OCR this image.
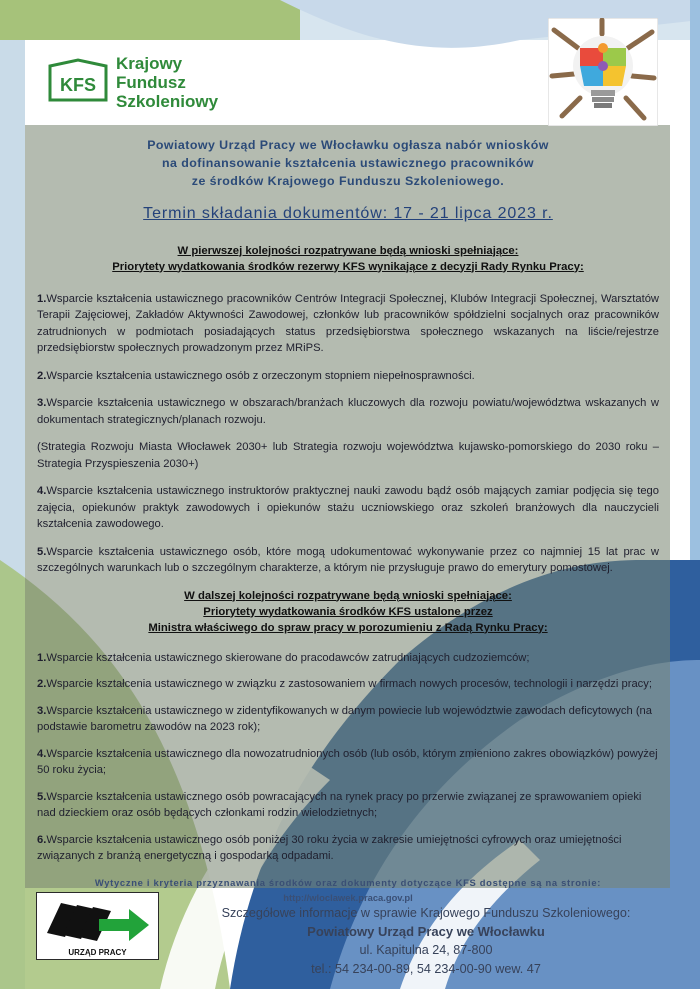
KFS
Krajowy
Fundusz
Szkoleniowy
Powiatowy Urząd Pracy we Włocławku ogłasza nabór wniosków
na dofinansowanie kształcenia ustawicznego pracowników
ze środków Krajowego Funduszu Szkoleniowego.
Termin składania dokumentów: 17 - 21 lipca 2023 r.
W pierwszej kolejności rozpatrywane będą wnioski spełniające:
Priorytety wydatkowania środków rezerwy KFS wynikające z decyzji Rady Rynku Pracy:

1.Wsparcie kształcenia ustawicznego pracowników Centrów Integracji Społecznej, Klubów Integracji Społecznej, Warsztatów Terapii Zajęciowej, Zakładów Aktywności Zawodowej, członków lub pracowników spółdzielni socjalnych oraz pracowników zatrudnionych w podmiotach posiadających status przedsiębiorstwa społecznego wskazanych na liście/rejestrze przedsiębiorstw społecznych prowadzonym przez MRiPS.

2.Wsparcie kształcenia ustawicznego osób z orzeczonym stopniem niepełnosprawności.

3.Wsparcie kształcenia ustawicznego w obszarach/branżach kluczowych dla rozwoju powiatu/województwa wskazanych w dokumentach strategicznych/planach rozwoju.

(Strategia Rozwoju Miasta Włocławek 2030+ lub Strategia rozwoju województwa kujawsko-pomorskiego do 2030 roku – Strategia Przyspieszenia 2030+)

4.Wsparcie kształcenia ustawicznego instruktorów praktycznej nauki zawodu bądź osób mających zamiar podjęcia się tego zajęcia, opiekunów praktyk zawodowych i opiekunów stażu uczniowskiego oraz szkoleń branżowych dla nauczycieli kształcenia zawodowego.

5.Wsparcie kształcenia ustawicznego osób, które mogą udokumentować wykonywanie przez co najmniej 15 lat prac w szczególnych warunkach lub o szczególnym charakterze, a którym nie przysługuje prawo do emerytury pomostowej.

W dalszej kolejności rozpatrywane będą wnioski spełniające:
Priorytety wydatkowania środków KFS ustalone przez
Ministra właściwego do spraw pracy w porozumieniu z Radą Rynku Pracy:

1.Wsparcie kształcenia ustawicznego skierowane do pracodawców zatrudniających cudzoziemców;

2.Wsparcie kształcenia ustawicznego w związku z zastosowaniem w firmach nowych procesów, technologii i narzędzi pracy;

3.Wsparcie kształcenia ustawicznego w zidentyfikowanych w danym powiecie lub województwie zawodach deficytowych (na podstawie barometru zawodów na 2023 rok);

4.Wsparcie kształcenia ustawicznego dla nowozatrudnionych osób (lub osób, którym zmieniono zakres obowiązków) powyżej 50 roku życia;

5.Wsparcie kształcenia ustawicznego osób powracających na rynek pracy po przerwie związanej ze sprawowaniem opieki nad dzieckiem oraz osób będących członkami rodzin wielodzietnych;

6.Wsparcie kształcenia ustawicznego osób poniżej 30 roku życia w zakresie umiejętności cyfrowych oraz umiejętności związanych z branżą energetyczną i gospodarką odpadami.

Wytyczne i kryteria przyznawania środków oraz dokumenty dotyczące KFS dostępne są na stronie:
http://wloclawek.praca.gov.pl
URZĄD PRACY
Szczegółowe informacje w sprawie Krajowego Funduszu Szkoleniowego:
Powiatowy Urząd Pracy we Włocławku
ul. Kapitulna 24, 87-800
tel.: 54 234-00-89, 54 234-00-90 wew. 47
